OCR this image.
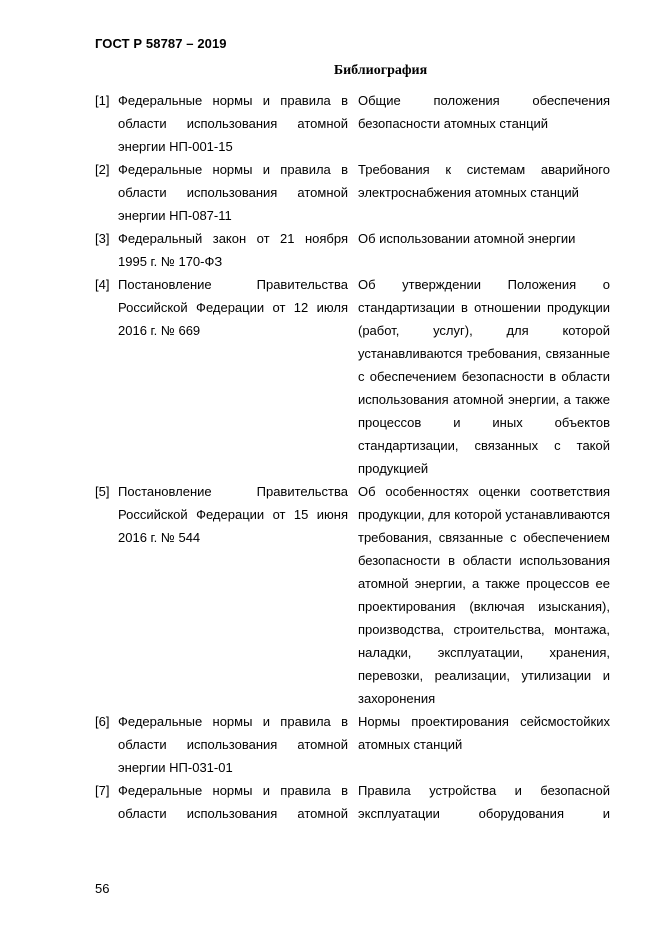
ГОСТ Р 58787 – 2019
Библиография
[1] Федеральные нормы и правила в области использования атомной энергии НП-001-15
Общие положения обеспечения безопасности атомных станций
[2] Федеральные нормы и правила в области использования атомной энергии НП-087-11
Требования к системам аварийного электроснабжения атомных станций
[3] Федеральный закон от 21 ноября 1995 г. № 170-ФЗ
Об использовании атомной энергии
[4] Постановление Правительства Российской Федерации от 12 июля 2016 г. № 669
Об утверждении Положения о стандартизации в отношении продукции (работ, услуг), для которой устанавливаются требования, связанные с обеспечением безопасности в области использования атомной энергии, а также процессов и иных объектов стандартизации, связанных с такой продукцией
[5] Постановление Правительства Российской Федерации от 15 июня 2016 г. № 544
Об особенностях оценки соответствия продукции, для которой устанавливаются требования, связанные с обеспечением безопасности в области использования атомной энергии, а также процессов ее проектирования (включая изыскания), производства, строительства, монтажа, наладки, эксплуатации, хранения, перевозки, реализации, утилизации и захоронения
[6] Федеральные нормы и правила в области использования атомной энергии НП-031-01
Нормы проектирования сейсмостойких атомных станций
[7] Федеральные нормы и правила в области использования атомной
Правила устройства и безопасной эксплуатации оборудования и
56
